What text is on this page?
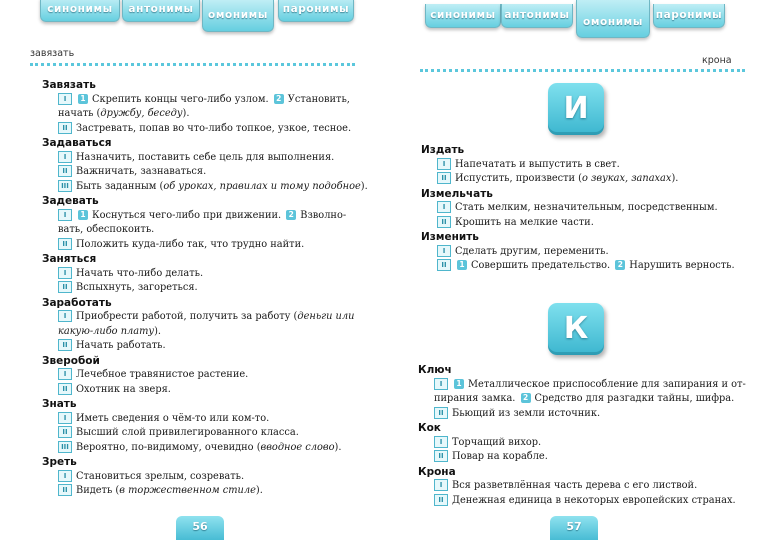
синонимы	антонимы	омонимы	паронимы
завязать
Завязать
I 1 Скрепить концы чего-либо узлом. 2 Установить,
начать (дружбу, беседу).
II Застревать, попав во что-либо топкое, узкое, тесное.
Задаваться
I Назначить, поставить себе цель для выполнения.
II Важничать, зазнаваться.
III Быть заданным (об уроках, правилах и тому подобное).
Задевать
I 1 Коснуться чего-либо при движении. 2 Взволно-
вать, обеспокоить.
II Положить куда-либо так, что трудно найти.
Заняться
I Начать что-либо делать.
II Вспыхнуть, загореться.
Заработать
I Приобрести работой, получить за работу (деньги или
какую-либо плату).
II Начать работать.
Зверобой
I Лечебное травянистое растение.
II Охотник на зверя.
Знать
I Иметь сведения о чём-то или ком-то.
II Высший слой привилегированного класса.
III Вероятно, по-видимому, очевидно (вводное слово).
Зреть
I Становиться зрелым, созревать.
II Видеть (в торжественном стиле).
56
синонимы антонимы
омонимы
паронимы
крона
И
Издать
I Напечатать и выпустить в свет.
II Испустить, произвести (о звуках, запахах).
Измельчать
I Стать мелким, незначительным, посредственным.
II Крошить на мелкие части.
Изменить
I Сделать другим, переменить.
II 1 Совершить предательство. 2 Нарушить верность.
К
Ключ
I 1 Металлическое приспособление для запирания и от-
пирания замка. 2 Средство для разгадки тайны, шифра.
II Бьющий из земли источник.
Кок
I Торчащий вихор.
II Повар на корабле.
Крона
I Вся разветвлённая часть дерева с его листвой.
II Денежная единица в некоторых европейских странах.
57
